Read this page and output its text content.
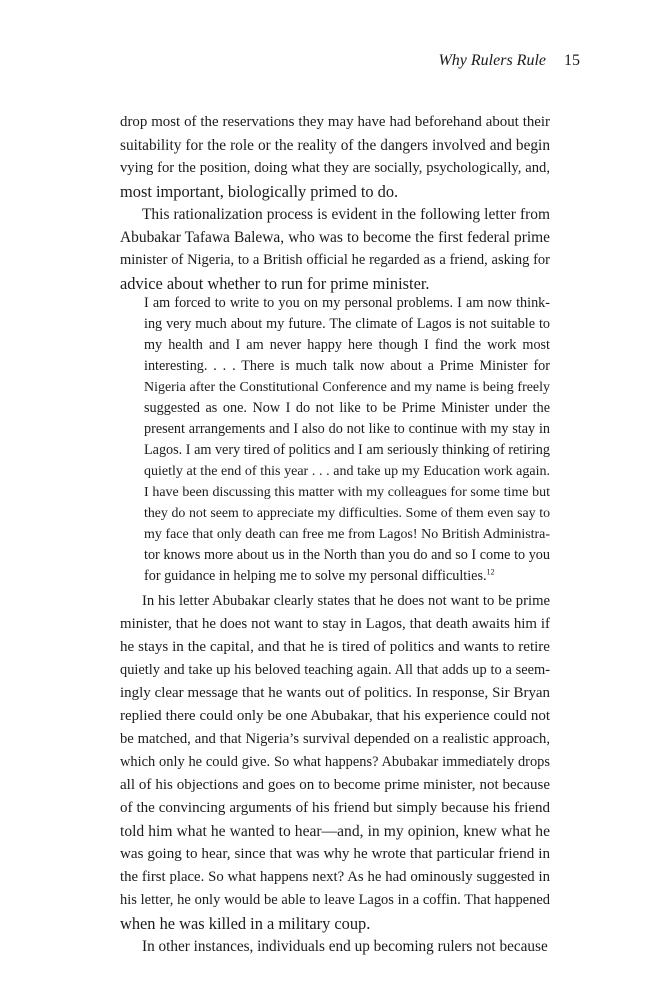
Why Rulers Rule 15
drop most of the reservations they may have had beforehand about their
suitability for the role or the reality of the dangers involved and begin
vying for the position, doing what they are socially, psychologically, and,
most important, biologically primed to do.
This rationalization process is evident in the following letter from
Abubakar Tafawa Balewa, who was to become the first federal prime
minister of Nigeria, to a British official he regarded as a friend, asking for
advice about whether to run for prime minister.
I am forced to write to you on my personal problems. I am now think-
ing very much about my future. The climate of Lagos is not suitable to
my health and I am never happy here though I find the work most
interesting. . . . There is much talk now about a Prime Minister for
Nigeria after the Constitutional Conference and my name is being freely
suggested as one. Now I do not like to be Prime Minister under the
present arrangements and I also do not like to continue with my stay in
Lagos. I am very tired of politics and I am seriously thinking of retiring
quietly at the end of this year . . . and take up my Education work again.
I have been discussing this matter with my colleagues for some time but
they do not seem to appreciate my difficulties. Some of them even say to
my face that only death can free me from Lagos! No British Administra-
tor knows more about us in the North than you do and so I come to you
for guidance in helping me to solve my personal difficulties.$^{12}$
In his letter Abubakar clearly states that he does not want to be prime
minister, that he does not want to stay in Lagos, that death awaits him if
he stays in the capital, and that he is tired of politics and wants to retire
quietly and take up his beloved teaching again. All that adds up to a seem-
ingly clear message that he wants out of politics. In response, Sir Bryan
replied there could only be one Abubakar, that his experience could not
be matched, and that Nigeria’s survival depended on a realistic approach,
which only he could give. So what happens? Abubakar immediately drops
all of his objections and goes on to become prime minister, not because
of the convincing arguments of his friend but simply because his friend
told him what he wanted to hear—and, in my opinion, knew what he
was going to hear, since that was why he wrote that particular friend in
the first place. So what happens next? As he had ominously suggested in
his letter, he only would be able to leave Lagos in a coffin. That happened
when he was killed in a military coup.
In other instances, individuals end up becoming rulers not because
